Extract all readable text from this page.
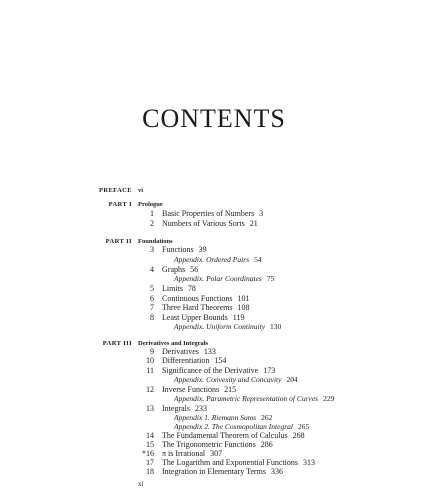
CONTENTS
PREFACE vi
PART I Prologue
1 Basic Properties of Numbers 3
2 Numbers of Various Sorts 21
PART II Foundations
3 Functions 39
Appendix. Ordered Pairs 54
4 Graphs 56
Appendix. Polar Coordinates 75
5 Limits 78
6 Continuous Functions 101
7 Three Hard Theorems 108
8 Least Upper Bounds 119
Appendix. Uniform Continuity 130
PART III Derivatives and Integrals
9 Derivatives 133
10 Differentiation 154
11 Significance of the Derivative 173
Appendix. Convexity and Concavity 204
12 Inverse Functions 215
Appendix. Parametric Representation of Curves 229
13 Integrals 233
Appendix 1. Riemann Sums 262
Appendix 2. The Cosmopolitan Integral 265
14 The Fundamental Theorem of Calculus 268
15 The Trigonometric Functions 286
*16 π is Irrational 307
17 The Logarithm and Exponential Functions 313
18 Integration in Elementary Terms 336
xi
